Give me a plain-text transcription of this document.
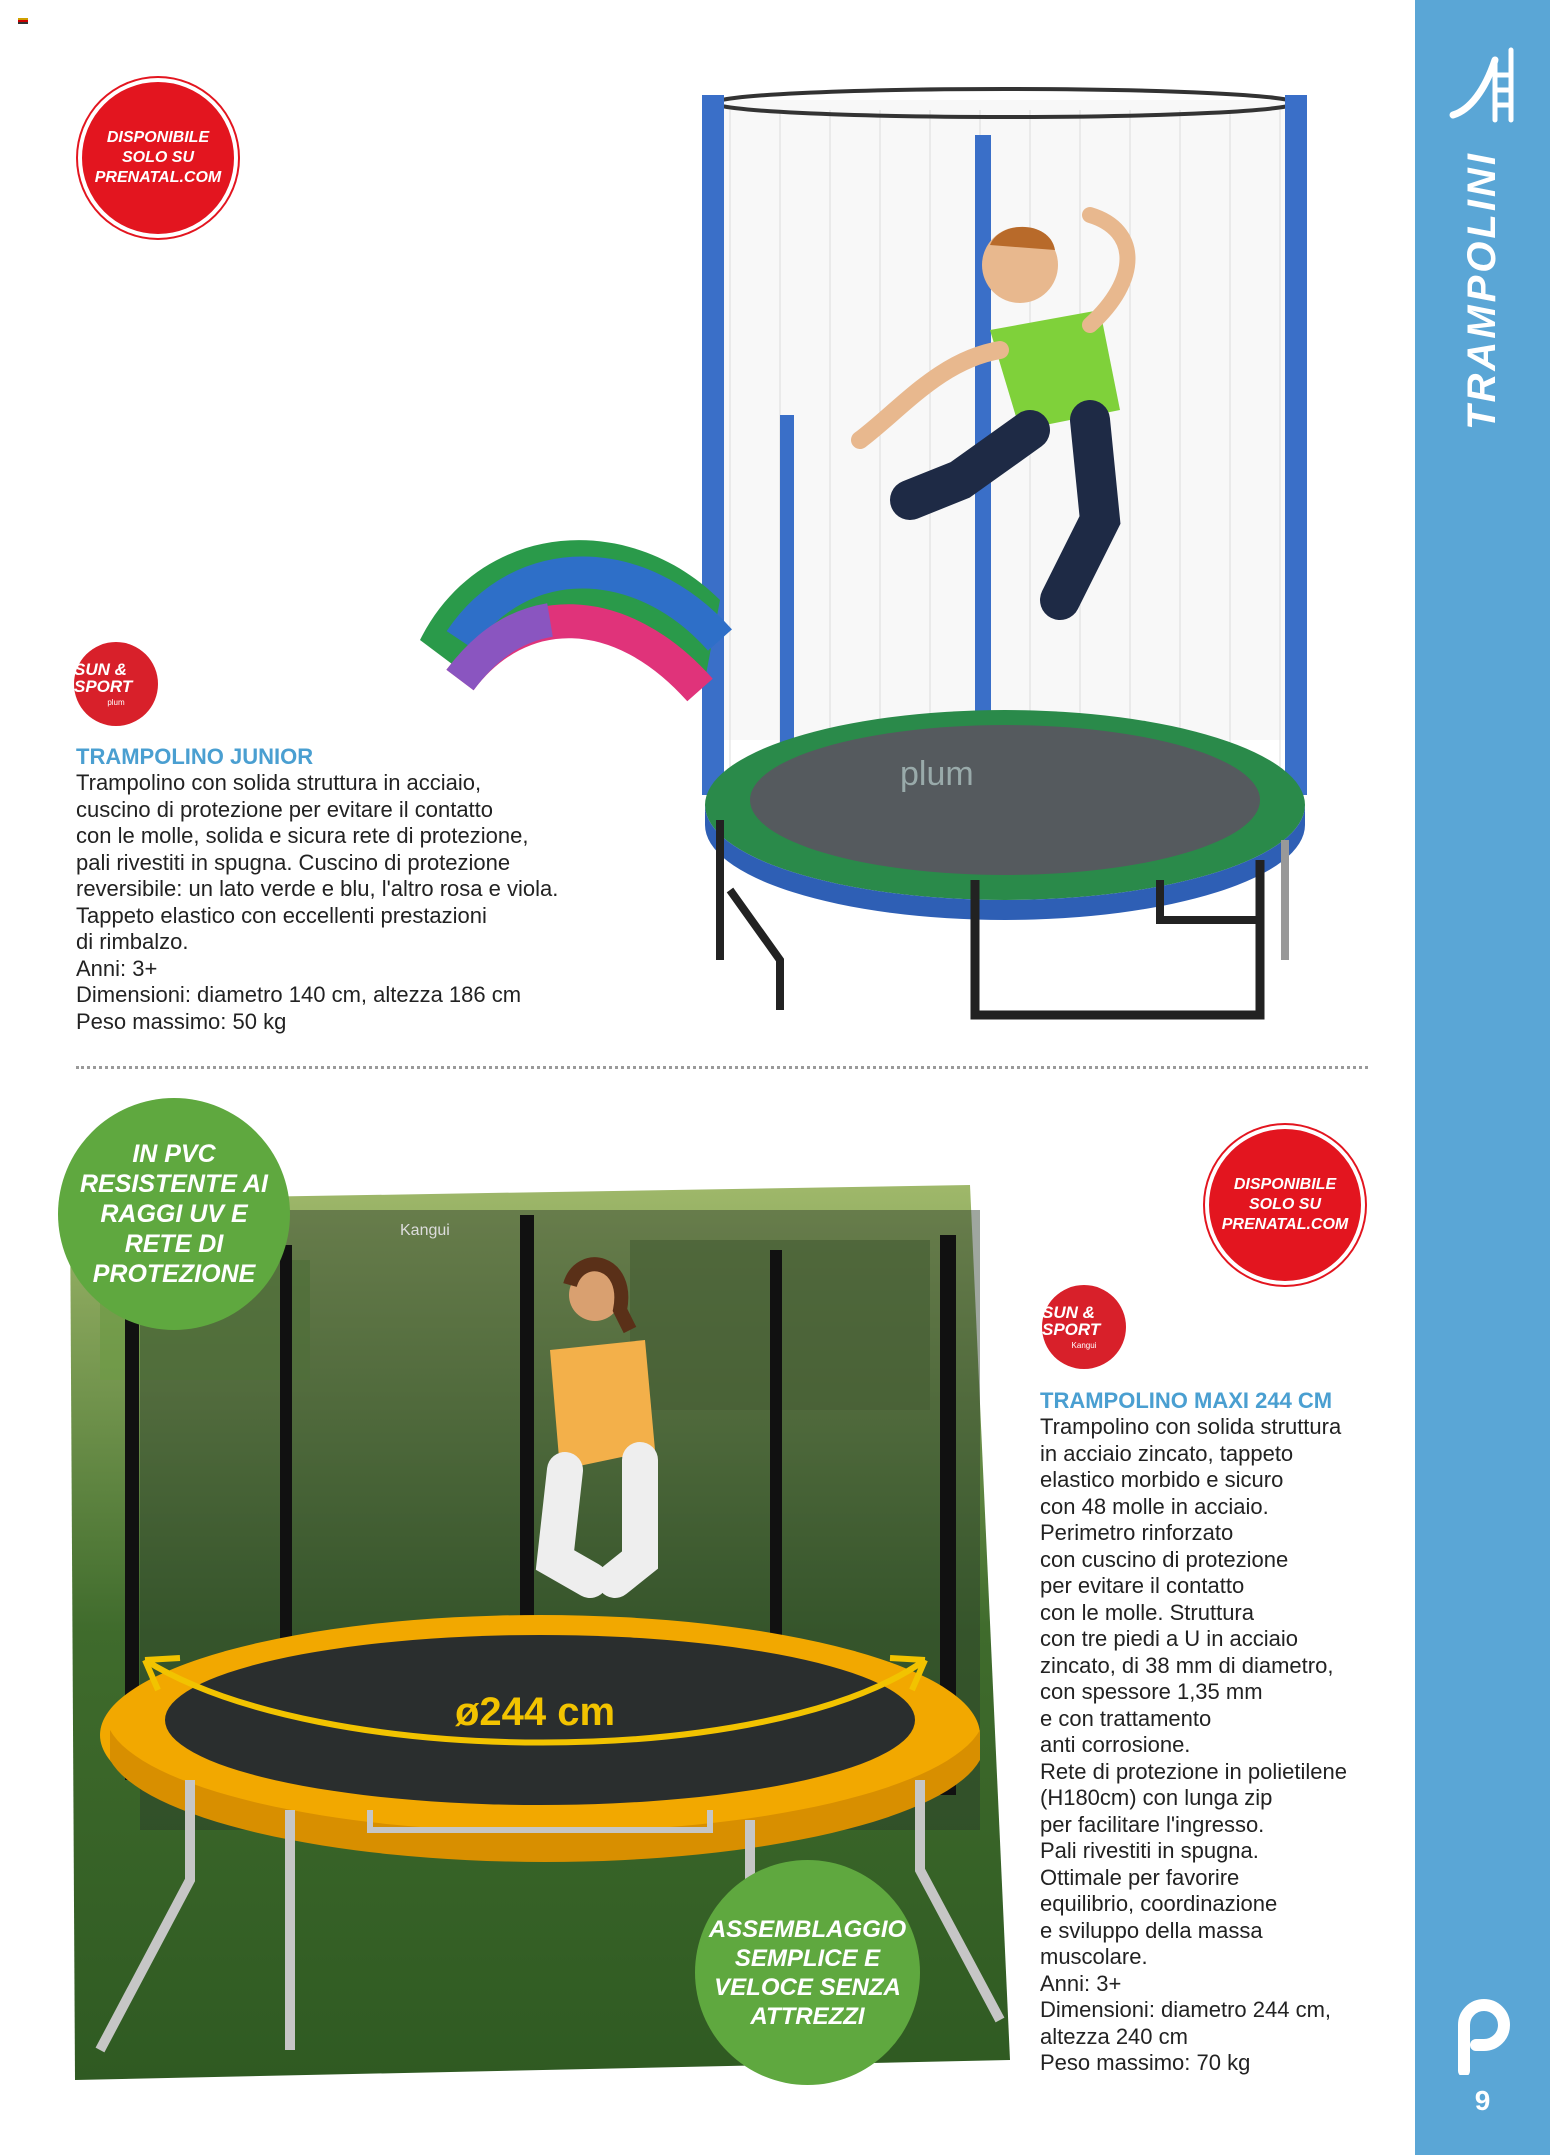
TRAMPOLINI
9
plum
DISPONIBILE SOLO SU PRENATAL.COM
SUN & SPORT
plum
TRAMPOLINO JUNIOR
Trampolino con solida struttura in acciaio,
cuscino di protezione per evitare il contatto
con le molle, solida e sicura rete di protezione,
pali rivestiti in spugna. Cuscino di protezione
reversibile: un lato verde e blu, l'altro rosa e viola.
Tappeto elastico con eccellenti prestazioni
di rimbalzo.
Anni: 3+
Dimensioni: diametro 140 cm, altezza 186 cm
Peso massimo: 50 kg
Kangui
ø244 cm
IN PVC RESISTENTE AI RAGGI UV E RETE DI PROTEZIONE
ASSEMBLAGGIO SEMPLICE E VELOCE SENZA ATTREZZI
DISPONIBILE SOLO SU PRENATAL.COM
SUN & SPORT
Kangui
TRAMPOLINO MAXI 244 CM
Trampolino con solida struttura
in acciaio zincato, tappeto
elastico morbido e sicuro
con 48 molle in acciaio.
Perimetro rinforzato
con cuscino di protezione
per evitare il contatto
con le molle. Struttura
con tre piedi a U in acciaio
zincato, di 38 mm di diametro,
con spessore 1,35 mm
e con trattamento
anti corrosione.
Rete di protezione in polietilene
(H180cm) con lunga zip
per facilitare l'ingresso.
Pali rivestiti in spugna.
Ottimale per favorire
equilibrio, coordinazione
e sviluppo della massa
muscolare.
Anni: 3+
Dimensioni: diametro 244 cm,
altezza 240 cm
Peso massimo: 70 kg
